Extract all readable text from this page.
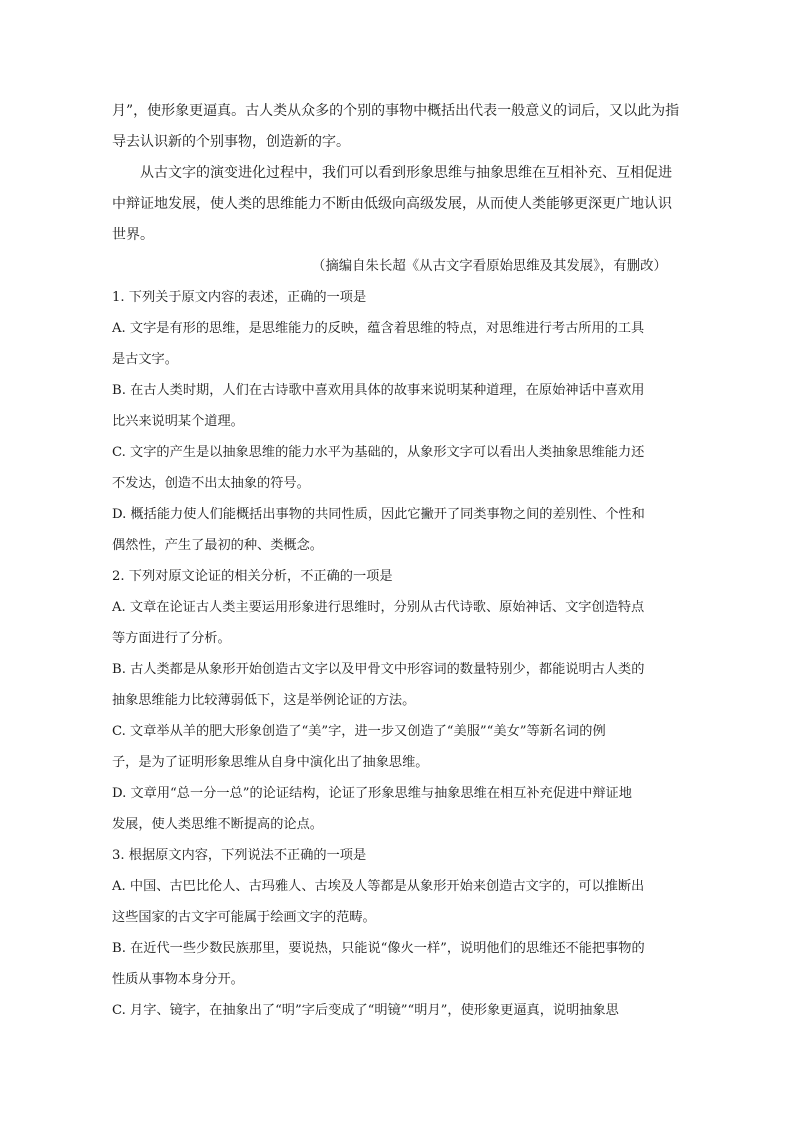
月”，使形象更逼真。古人类从众多的个别的事物中概括出代表一般意义的词后，又以此为指
导去认识新的个别事物，创造新的字。
从古文字的演变进化过程中，我们可以看到形象思维与抽象思维在互相补充、互相促进
中辩证地发展，使人类的思维能力不断由低级向高级发展，从而使人类能够更深更广地认识
世界。
（摘编自朱长超《从古文字看原始思维及其发展》，有删改）
1. 下列关于原文内容的表述，正确的一项是
A. 文字是有形的思维，是思维能力的反映，蕴含着思维的特点，对思维进行考古所用的工具
是古文字。
B. 在古人类时期，人们在古诗歌中喜欢用具体的故事来说明某种道理，在原始神话中喜欢用
比兴来说明某个道理。
C. 文字的产生是以抽象思维的能力水平为基础的，从象形文字可以看出人类抽象思维能力还
不发达，创造不出太抽象的符号。
D. 概括能力使人们能概括出事物的共同性质，因此它撇开了同类事物之间的差别性、个性和
偶然性，产生了最初的种、类概念。
2. 下列对原文论证的相关分析，不正确的一项是
A. 文章在论证古人类主要运用形象进行思维时，分别从古代诗歌、原始神话、文字创造特点
等方面进行了分析。
B. 古人类都是从象形开始创造古文字以及甲骨文中形容词的数量特别少，都能说明古人类的
抽象思维能力比较薄弱低下，这是举例论证的方法。
C. 文章举从羊的肥大形象创造了“美”字，进一步又创造了“美服”“美女”等新名词的例
子，是为了证明形象思维从自身中演化出了抽象思维。
D. 文章用“总一分一总”的论证结构，论证了形象思维与抽象思维在相互补充促进中辩证地
发展，使人类思维不断提高的论点。
3. 根据原文内容，下列说法不正确的一项是
A. 中国、古巴比伦人、古玛雅人、古埃及人等都是从象形开始来创造古文字的，可以推断出
这些国家的古文字可能属于绘画文字的范畴。
B. 在近代一些少数民族那里，要说热，只能说“像火一样”，说明他们的思维还不能把事物的
性质从事物本身分开。
C. 月字、镜字，在抽象出了“明”字后变成了“明镜”“明月”，使形象更逼真，说明抽象思
